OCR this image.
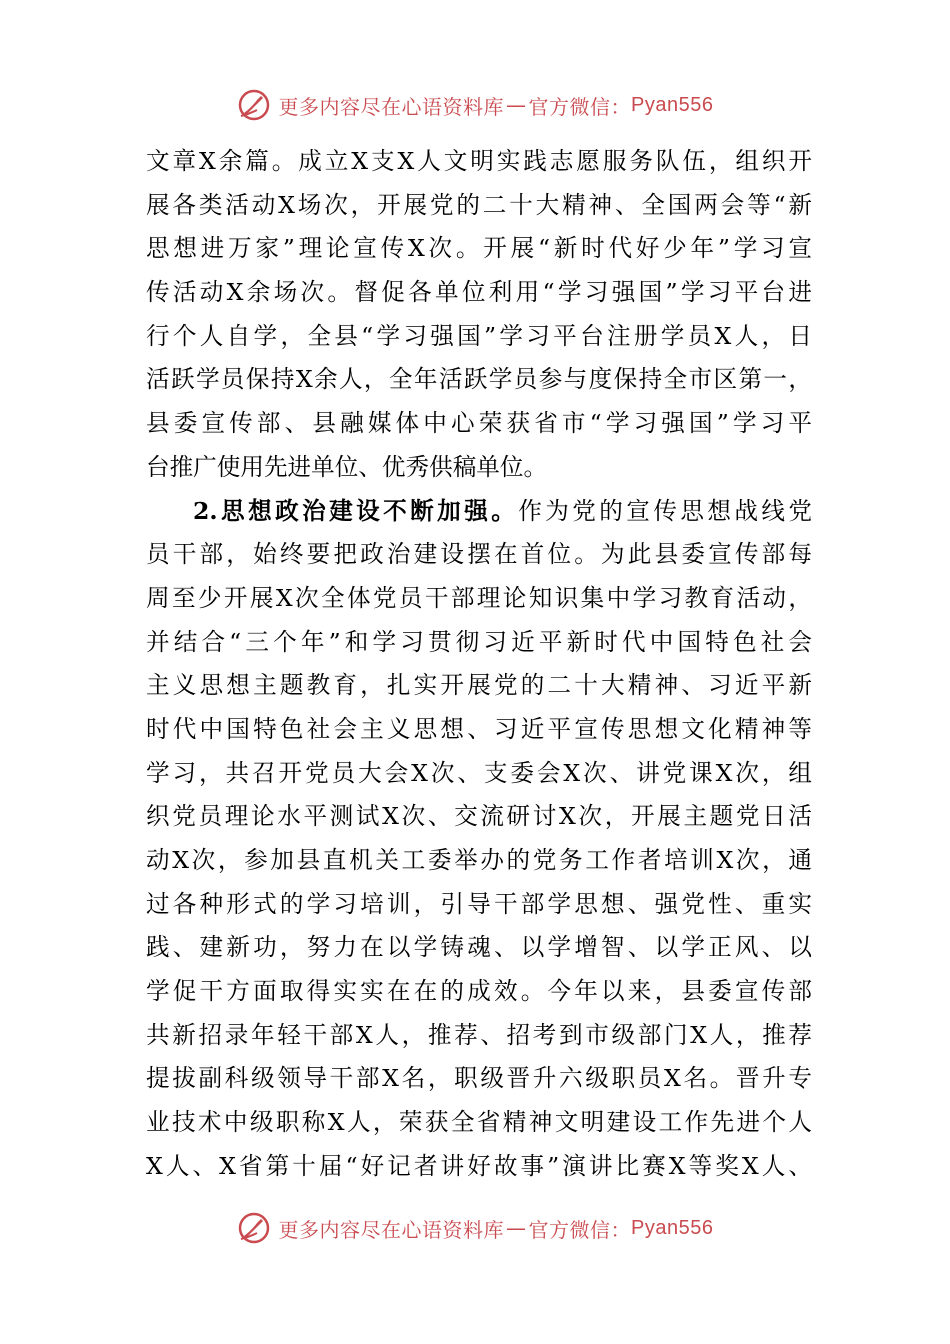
更多内容尽在心语资料库 — 官方微信： Pyan556
文章X余篇。成立X支X人文明实践志愿服务队伍，组织开
展各类活动X场次，开展党的二十大精神、全国两会等“新
思想进万家”理论宣传X次。开展“新时代好少年”学习宣
传活动X余场次。督促各单位利用“学习强国”学习平台进
行个人自学，全县“学习强国”学习平台注册学员X人，日
活跃学员保持X余人，全年活跃学员参与度保持全市区第一，
县委宣传部、县融媒体中心荣获省市“学习强国”学习平
台推广使用先进单位、优秀供稿单位。
2.思想政治建设不断加强。作为党的宣传思想战线党
员干部，始终要把政治建设摆在首位。为此县委宣传部每
周至少开展X次全体党员干部理论知识集中学习教育活动，
并结合“三个年”和学习贯彻习近平新时代中国特色社会
主义思想主题教育，扎实开展党的二十大精神、习近平新
时代中国特色社会主义思想、习近平宣传思想文化精神等
学习，共召开党员大会X次、支委会X次、讲党课X次，组
织党员理论水平测试X次、交流研讨X次，开展主题党日活
动X次，参加县直机关工委举办的党务工作者培训X次，通
过各种形式的学习培训，引导干部学思想、强党性、重实
践、建新功，努力在以学铸魂、以学增智、以学正风、以
学促干方面取得实实在在的成效。今年以来，县委宣传部
共新招录年轻干部X人，推荐、招考到市级部门X人，推荐
提拔副科级领导干部X名，职级晋升六级职员X名。晋升专
业技术中级职称X人，荣获全省精神文明建设工作先进个人
X人、X省第十届“好记者讲好故事”演讲比赛X等奖X人、
更多内容尽在心语资料库 — 官方微信： Pyan556
